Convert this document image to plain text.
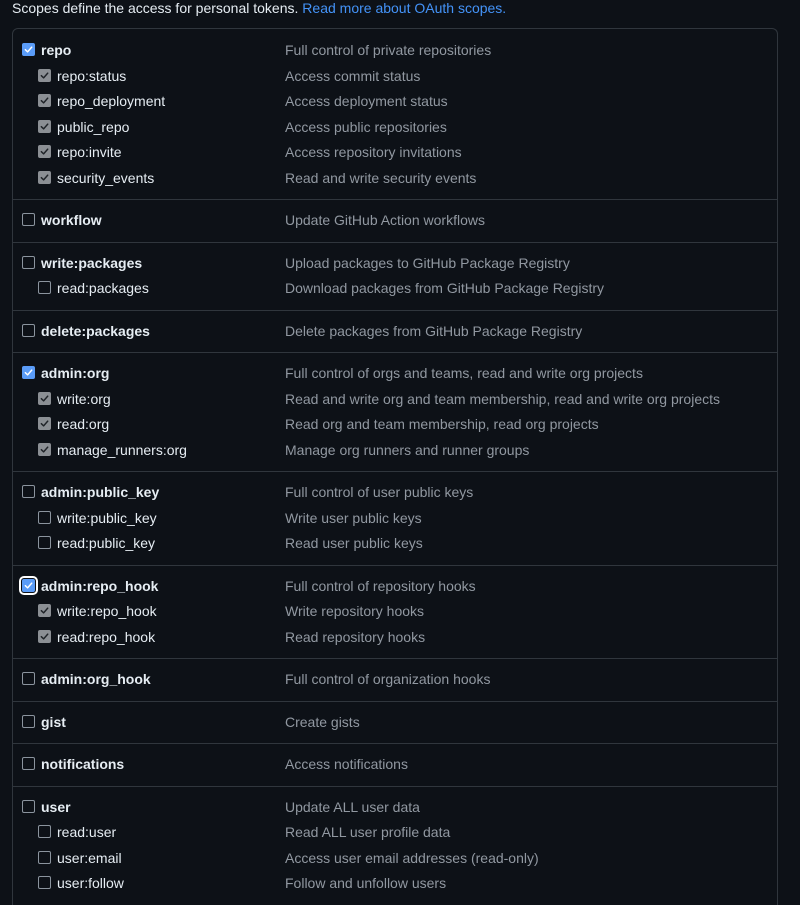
Scopes define the access for personal tokens. Read more about OAuth scopes.
repo	Full control of private repositories
repo:status	Access commit status
repo_deployment	Access deployment status
public_repo	Access public repositories
repo:invite	Access repository invitations
security_events	Read and write security events
workflow	Update GitHub Action workflows
write:packages	Upload packages to GitHub Package Registry
read:packages	Download packages from GitHub Package Registry
delete:packages	Delete packages from GitHub Package Registry
admin:org	Full control of orgs and teams, read and write org projects
write:org	Read and write org and team membership, read and write org projects
read:org	Read org and team membership, read org projects
manage_runners:org	Manage org runners and runner groups
admin:public_key	Full control of user public keys
write:public_key	Write user public keys
read:public_key	Read user public keys
admin:repo_hook	Full control of repository hooks
write:repo_hook	Write repository hooks
read:repo_hook	Read repository hooks
admin:org_hook	Full control of organization hooks
gist	Create gists
notifications	Access notifications
user	Update ALL user data
read:user	Read ALL user profile data
user:email	Access user email addresses (read-only)
user:follow	Follow and unfollow users
